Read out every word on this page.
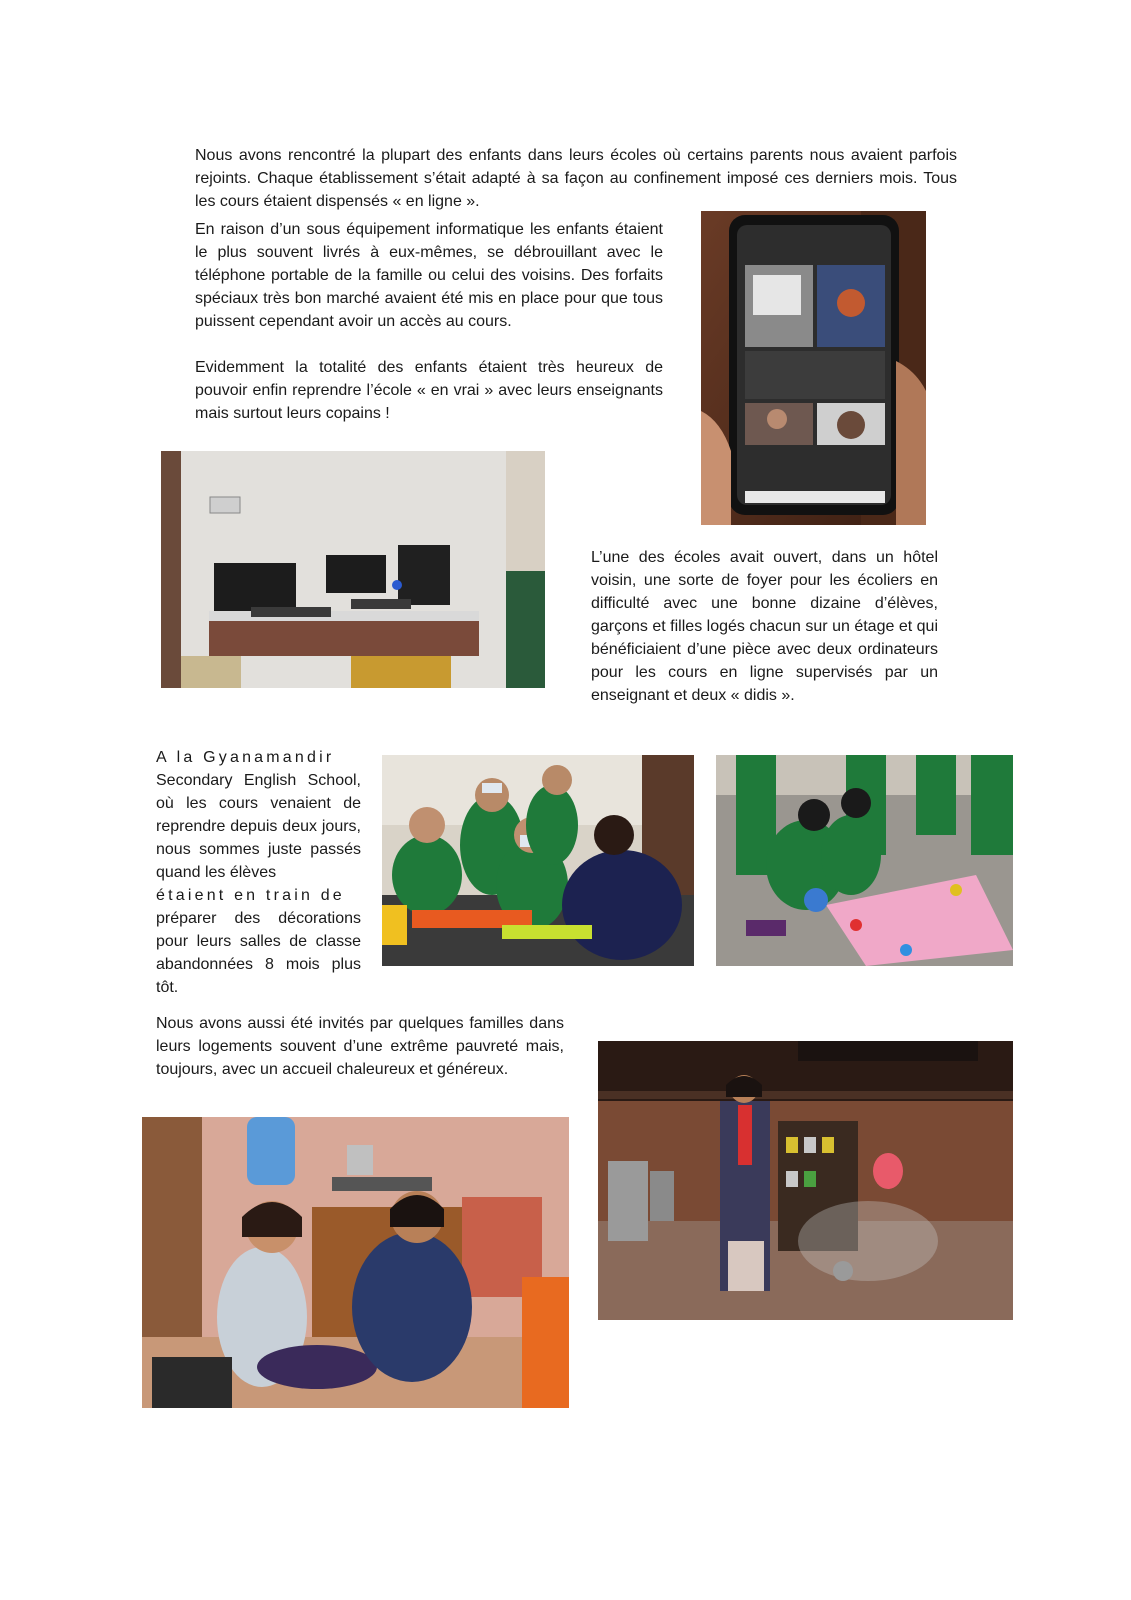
Nous avons rencontré la plupart des enfants dans leurs écoles où certains parents nous avaient parfois rejoints. Chaque établissement s’était adapté à sa façon au confinement imposé ces derniers mois. Tous les cours étaient dispensés « en ligne ».

En raison d’un sous équipement informatique les enfants étaient le plus souvent livrés à eux-mêmes, se débrouillant avec le téléphone portable de la famille ou celui des voisins. Des forfaits spéciaux très bon marché avaient été mis en place pour que tous puissent cependant avoir un accès au cours.

Evidemment la totalité des enfants étaient très heureux de pouvoir enfin reprendre l’école « en vrai » avec leurs enseignants mais surtout leurs copains !

L’une des écoles avait ouvert, dans un hôtel voisin, une sorte de foyer pour les écoliers en difficulté avec une bonne dizaine d’élèves, garçons et filles logés chacun sur un étage et qui bénéficiaient d’une pièce avec deux ordinateurs pour les cours en ligne supervisés par un enseignant et deux « didis ».

A la Gyanamandir
Secondary English School, où les cours venaient de reprendre depuis deux jours, nous sommes juste passés quand les élèves
étaient en train de
préparer des décorations pour leurs salles de classe abandonnées 8 mois plus tôt.

Nous avons aussi été invités par quelques familles dans leurs logements souvent d’une extrême pauvreté mais, toujours, avec un accueil chaleureux et généreux.
